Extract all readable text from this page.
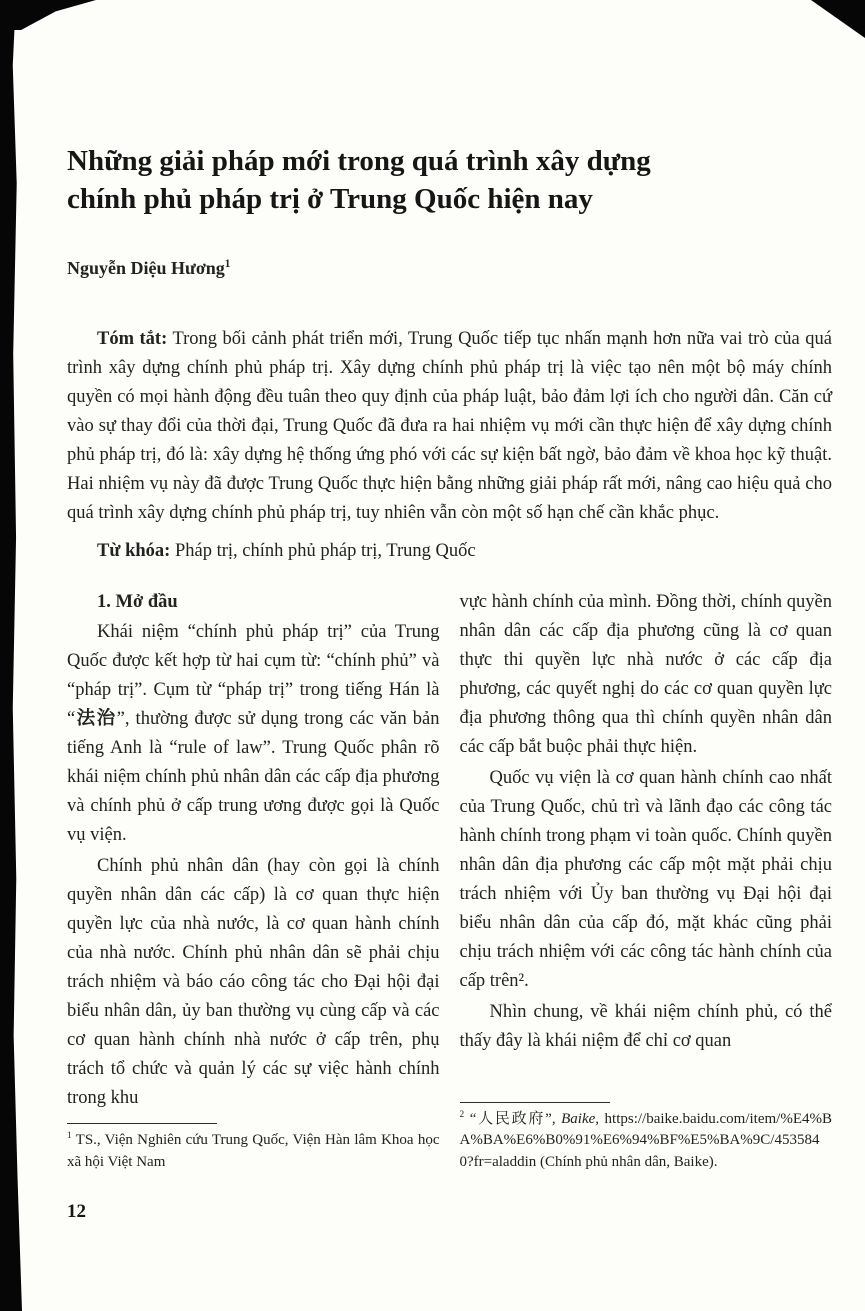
Những giải pháp mới trong quá trình xây dựng
chính phủ pháp trị ở Trung Quốc hiện nay

Nguyễn Diệu Hương$^1$

Tóm tắt: Trong bối cảnh phát triển mới, Trung Quốc tiếp tục nhấn mạnh hơn nữa vai trò của quá trình xây dựng chính phủ pháp trị. Xây dựng chính phủ pháp trị là việc tạo nên một bộ máy chính quyền có mọi hành động đều tuân theo quy định của pháp luật, bảo đảm lợi ích cho người dân. Căn cứ vào sự thay đổi của thời đại, Trung Quốc đã đưa ra hai nhiệm vụ mới cần thực hiện để xây dựng chính phủ pháp trị, đó là: xây dựng hệ thống ứng phó với các sự kiện bất ngờ, bảo đảm về khoa học kỹ thuật. Hai nhiệm vụ này đã được Trung Quốc thực hiện bằng những giải pháp rất mới, nâng cao hiệu quả cho quá trình xây dựng chính phủ pháp trị, tuy nhiên vẫn còn một số hạn chế cần khắc phục.

Từ khóa: Pháp trị, chính phủ pháp trị, Trung Quốc

1. Mở đầu

Khái niệm “chính phủ pháp trị” của Trung Quốc được kết hợp từ hai cụm từ: “chính phủ” và “pháp trị”. Cụm từ “pháp trị” trong tiếng Hán là “法治”, thường được sử dụng trong các văn bản tiếng Anh là “rule of law”. Trung Quốc phân rõ khái niệm chính phủ nhân dân các cấp địa phương và chính phủ ở cấp trung ương được gọi là Quốc vụ viện.

Chính phủ nhân dân (hay còn gọi là chính quyền nhân dân các cấp) là cơ quan thực hiện quyền lực của nhà nước, là cơ quan hành chính của nhà nước. Chính phủ nhân dân sẽ phải chịu trách nhiệm và báo cáo công tác cho Đại hội đại biểu nhân dân, ủy ban thường vụ cùng cấp và các cơ quan hành chính nhà nước ở cấp trên, phụ trách tổ chức và quản lý các sự việc hành chính trong khu

$^1$ TS., Viện Nghiên cứu Trung Quốc, Viện Hàn lâm Khoa học xã hội Việt Nam

vực hành chính của mình. Đồng thời, chính quyền nhân dân các cấp địa phương cũng là cơ quan thực thi quyền lực nhà nước ở các cấp địa phương, các quyết nghị do các cơ quan quyền lực địa phương thông qua thì chính quyền nhân dân các cấp bắt buộc phải thực hiện.

Quốc vụ viện là cơ quan hành chính cao nhất của Trung Quốc, chủ trì và lãnh đạo các công tác hành chính trong phạm vi toàn quốc. Chính quyền nhân dân địa phương các cấp một mặt phải chịu trách nhiệm với Ủy ban thường vụ Đại hội đại biểu nhân dân của cấp đó, mặt khác cũng phải chịu trách nhiệm với các công tác hành chính của cấp trên².

Nhìn chung, về khái niệm chính phủ, có thể thấy đây là khái niệm để chỉ cơ quan

$^2$ “人民政府”, Baike, https://baike.baidu.com/item/%E4%BA%BA%E6%B0%91%E6%94%BF%E5%BA%9C/4535840?fr=aladdin (Chính phủ nhân dân, Baike).

12
